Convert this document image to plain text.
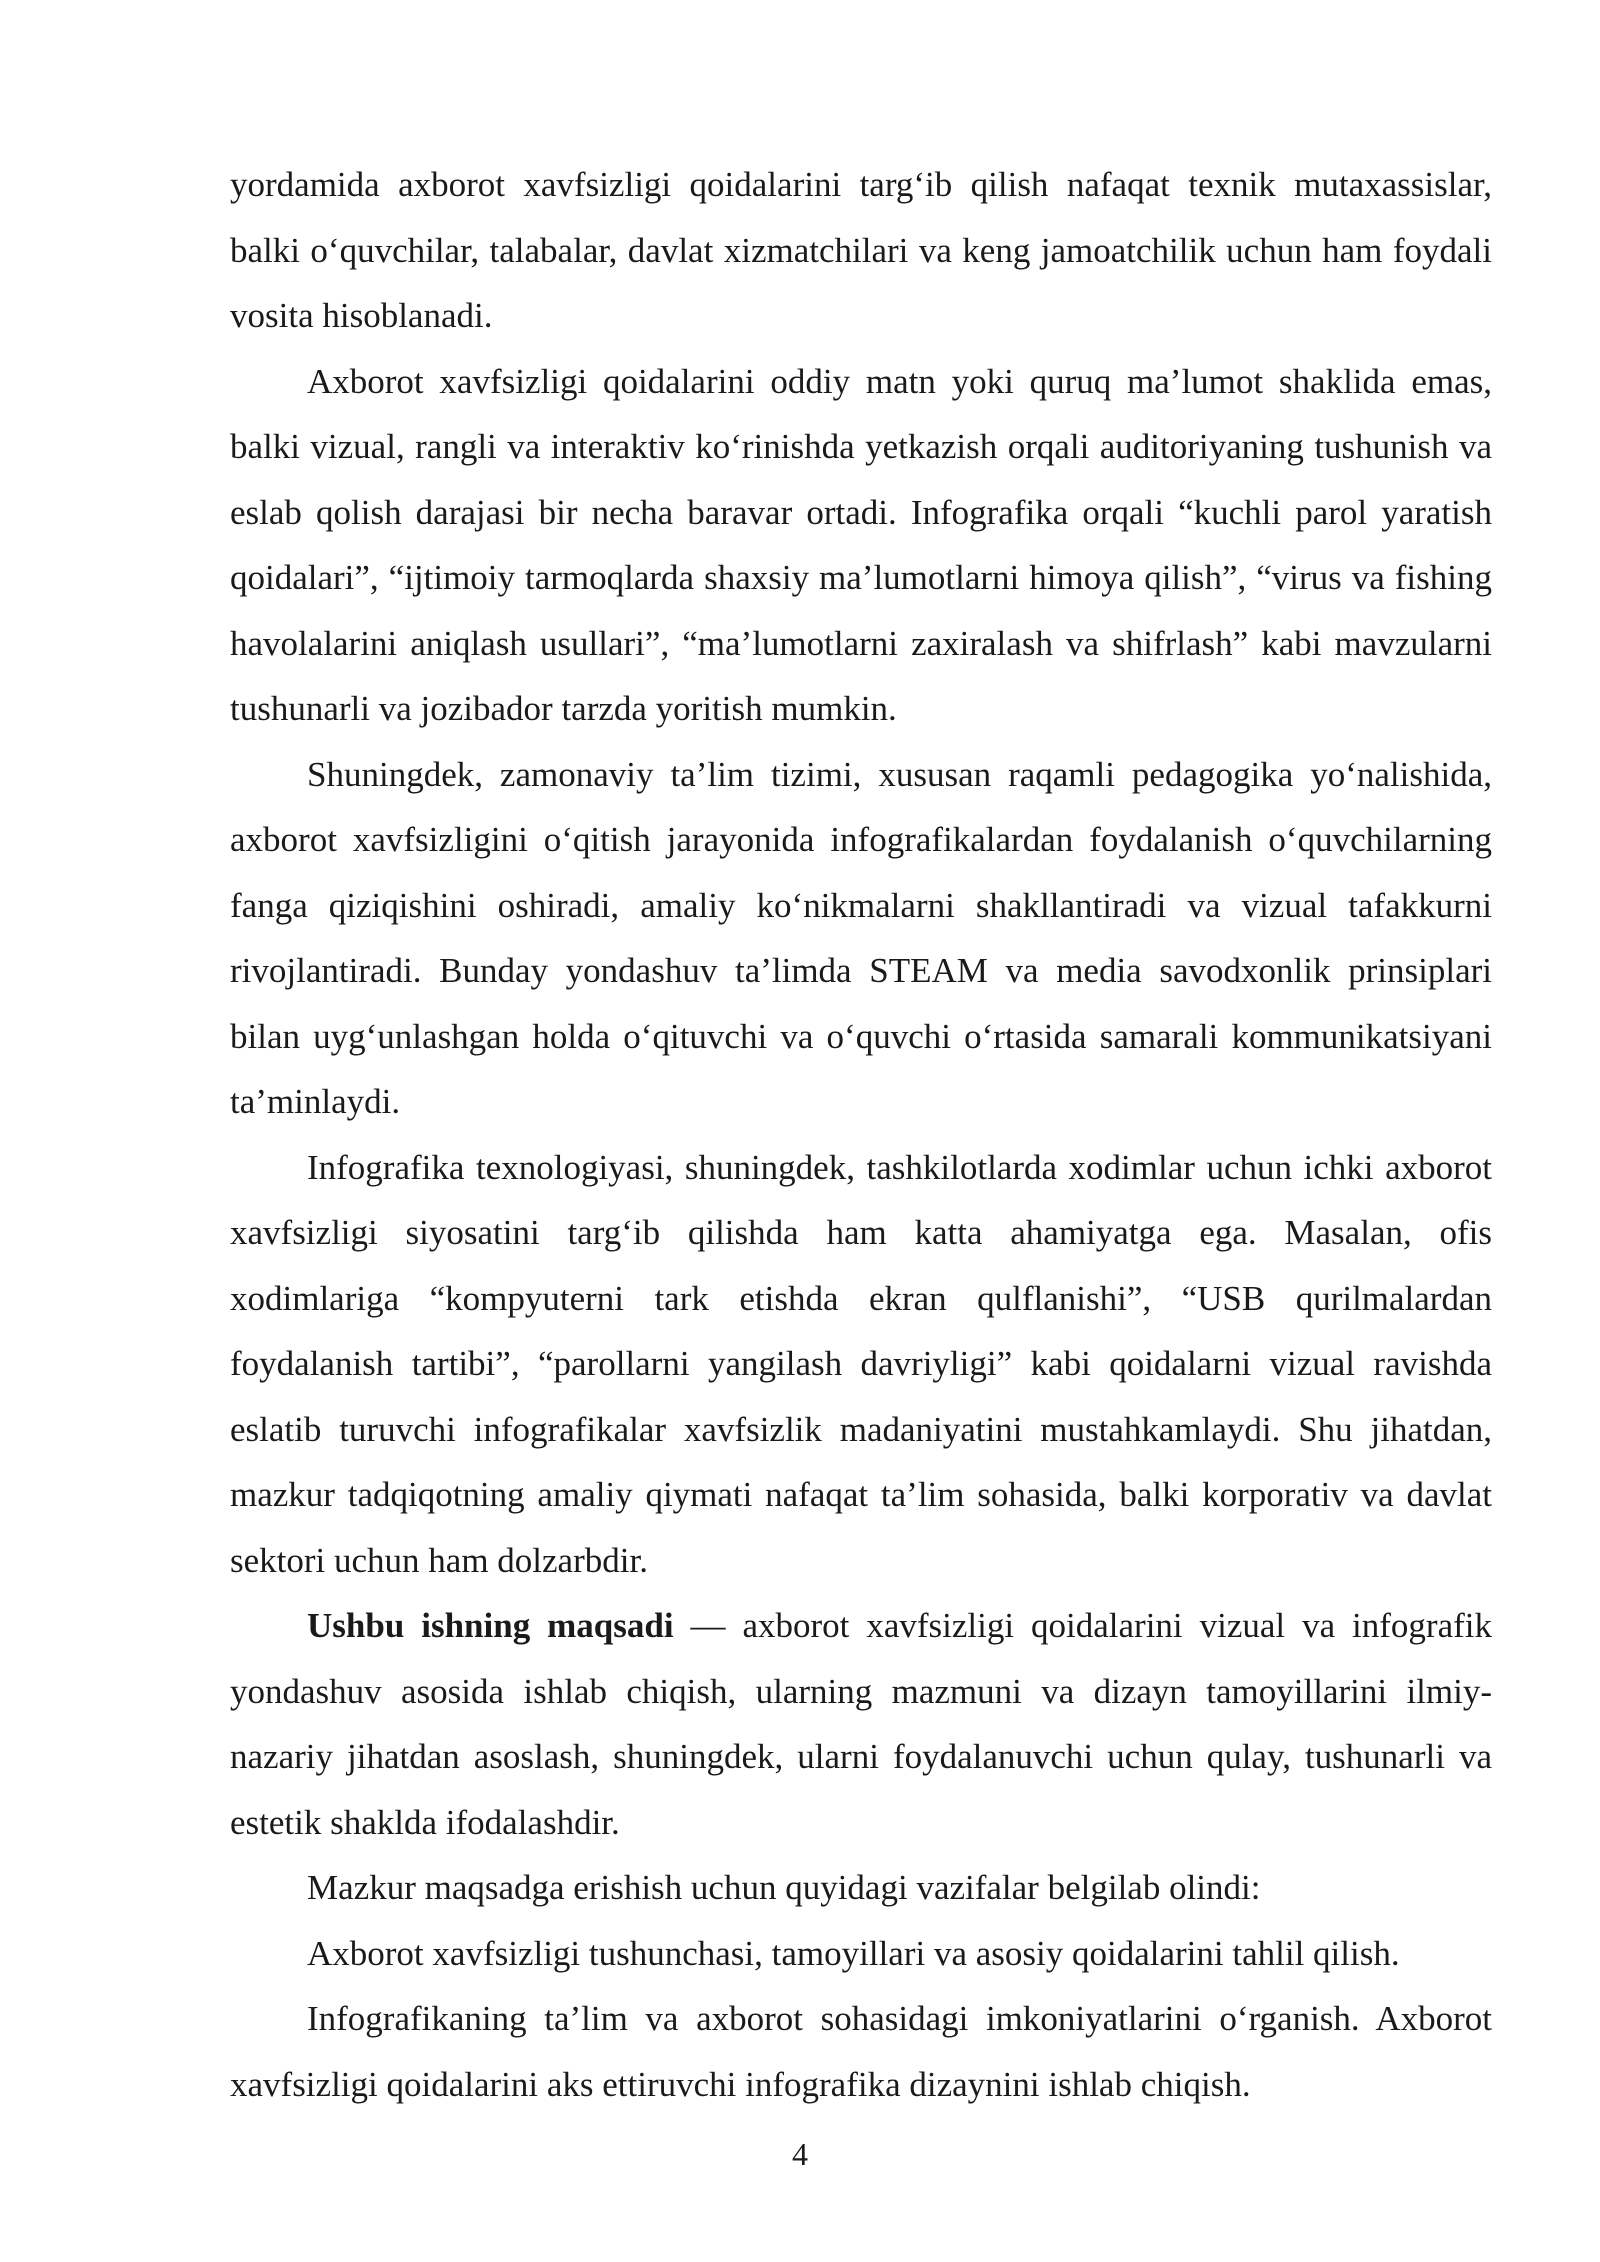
yordamida axborot xavfsizligi qoidalarini targ‘ib qilish nafaqat texnik mutaxassislar, balki o‘quvchilar, talabalar, davlat xizmatchilari va keng jamoatchilik uchun ham foydali vosita hisoblanadi.

Axborot xavfsizligi qoidalarini oddiy matn yoki quruq ma’lumot shaklida emas, balki vizual, rangli va interaktiv ko‘rinishda yetkazish orqali auditoriyaning tushunish va eslab qolish darajasi bir necha baravar ortadi. Infografika orqali “kuchli parol yaratish qoidalari”, “ijtimoiy tarmoqlarda shaxsiy ma’lumotlarni himoya qilish”, “virus va fishing havolalarini aniqlash usullari”, “ma’lumotlarni zaxiralash va shifrlash” kabi mavzularni tushunarli va jozibador tarzda yoritish mumkin.

Shuningdek, zamonaviy ta’lim tizimi, xususan raqamli pedagogika yo‘nalishida, axborot xavfsizligini o‘qitish jarayonida infografikalardan foydalanish o‘quvchilarning fanga qiziqishini oshiradi, amaliy ko‘nikmalarni shakllantiradi va vizual tafakkurni rivojlantiradi. Bunday yondashuv ta’limda STEAM va media savodxonlik prinsiplari bilan uyg‘unlashgan holda o‘qituvchi va o‘quvchi o‘rtasida samarali kommunikatsiyani ta’minlaydi.

Infografika texnologiyasi, shuningdek, tashkilotlarda xodimlar uchun ichki axborot xavfsizligi siyosatini targ‘ib qilishda ham katta ahamiyatga ega. Masalan, ofis xodimlariga “kompyuterni tark etishda ekran qulflanishi”, “USB qurilmalardan foydalanish tartibi”, “parollarni yangilash davriyligi” kabi qoidalarni vizual ravishda eslatib turuvchi infografikalar xavfsizlik madaniyatini mustahkamlaydi. Shu jihatdan, mazkur tadqiqotning amaliy qiymati nafaqat ta’lim sohasida, balki korporativ va davlat sektori uchun ham dolzarbdir.

Ushbu ishning maqsadi — axborot xavfsizligi qoidalarini vizual va infografik yondashuv asosida ishlab chiqish, ularning mazmuni va dizayn tamoyillarini ilmiy-nazariy jihatdan asoslash, shuningdek, ularni foydalanuvchi uchun qulay, tushunarli va estetik shaklda ifodalashdir.

Mazkur maqsadga erishish uchun quyidagi vazifalar belgilab olindi:

Axborot xavfsizligi tushunchasi, tamoyillari va asosiy qoidalarini tahlil qilish.

Infografikaning ta’lim va axborot sohasidagi imkoniyatlarini o‘rganish. Axborot xavfsizligi qoidalarini aks ettiruvchi infografika dizaynini ishlab chiqish.

4
